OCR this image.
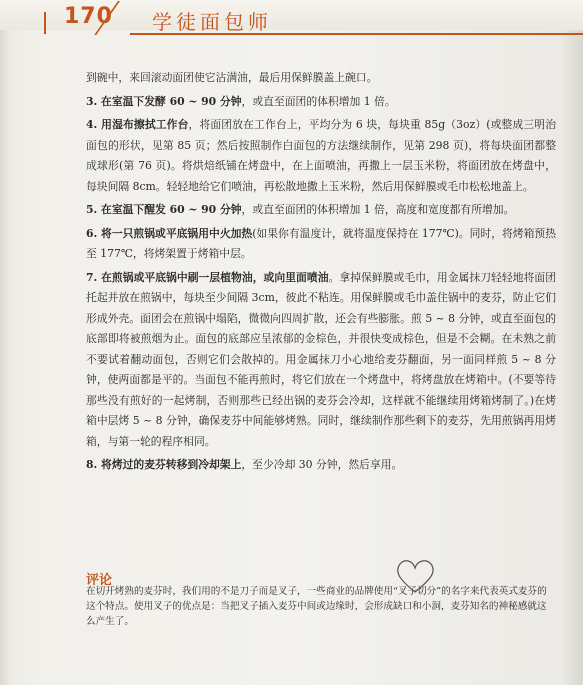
170 学徒面包师

到碗中，来回滚动面团使它沾满油，最后用保鲜膜盖上碗口。

3. 在室温下发酵 60 ~ 90 分钟，或直至面团的体积增加 1 倍。

4. 用湿布擦拭工作台，将面团放在工作台上，平均分为 6 块，每块重 85g（3oz）(或整成三明治面包的形状，见第 85 页；然后按照制作白面包的方法继续制作，见第 298 页)，将每块面团都整成球形(第 76 页)。将烘焙纸铺在烤盘中，在上面喷油，再撒上一层玉米粉，将面团放在烤盘中，每块间隔 8cm。轻轻地给它们喷油，再松散地撒上玉米粉，然后用保鲜膜或毛巾松松地盖上。

5. 在室温下醒发 60 ~ 90 分钟，或直至面团的体积增加 1 倍，高度和宽度都有所增加。

6. 将一只煎锅或平底锅用中火加热(如果你有温度计，就将温度保持在 177℃)。同时，将烤箱预热至 177℃，将烤架置于烤箱中层。

7. 在煎锅或平底锅中刷一层植物油，或向里面喷油。拿掉保鲜膜或毛巾，用金属抹刀轻轻地将面团托起并放在煎锅中，每块至少间隔 3cm，彼此不粘连。用保鲜膜或毛巾盖住锅中的麦芬，防止它们形成外壳。面团会在煎锅中塌陷，微微向四周扩散，还会有些膨胀。煎 5 ~ 8 分钟，或直至面包的底部即将被煎烟为止。面包的底部应呈浓郁的金棕色，并很快变成棕色，但是不会糊。在未熟之前不要试着翻动面包，否则它们会散掉的。用金属抹刀小心地给麦芬翻面，另一面同样煎 5 ~ 8 分钟，使两面都是平的。当面包不能再煎时，将它们放在一个烤盘中，将烤盘放在烤箱中。(不要等待那些没有煎好的一起烤制，否则那些已经出锅的麦芬会冷却，这样就不能继续用烤箱烤制了。)在烤箱中层烤 5 ~ 8 分钟，确保麦芬中间能够烤熟。同时，继续制作那些剩下的麦芬，先用煎锅再用烤箱，与第一轮的程序相同。

8. 将烤过的麦芬转移到冷却架上，至少冷却 30 分钟，然后享用。

评论
在切开烤熟的麦芬时，我们用的不是刀子而是叉子，一些商业的品牌使用“叉子切分”的名字来代表英式麦芬的这个特点。使用叉子的优点是：当把叉子插入麦芬中间或边缘时，会形成缺口和小洞，麦芬知名的神秘感就这么产生了。
